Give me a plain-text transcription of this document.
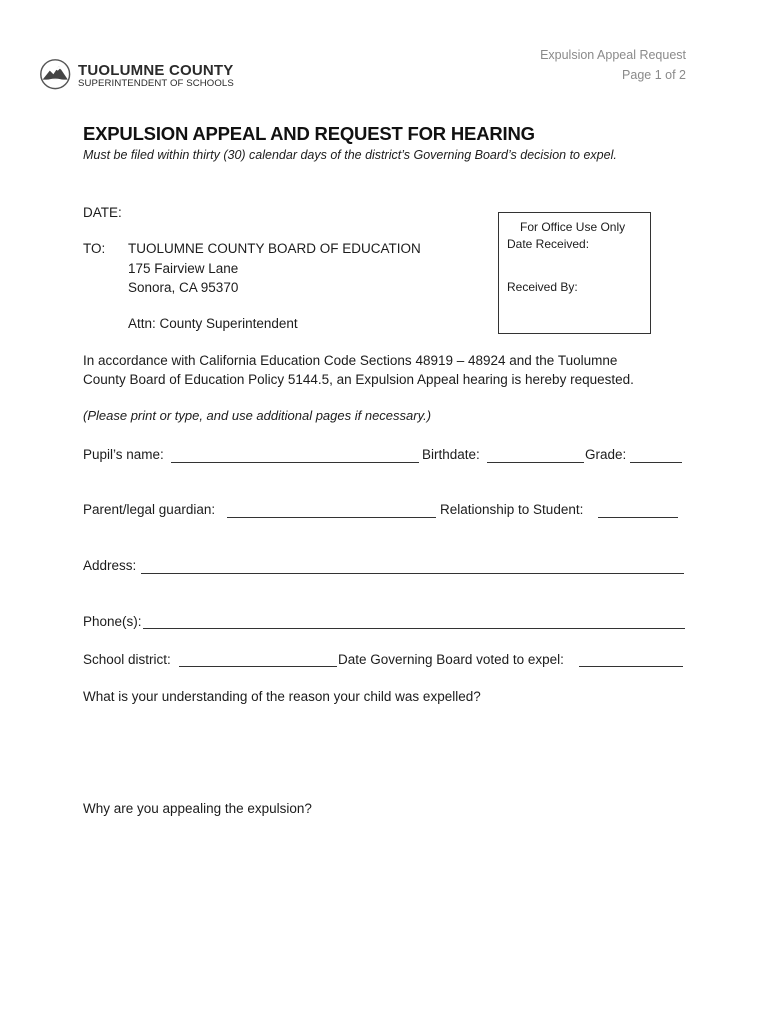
TUOLUMNE COUNTY
SUPERINTENDENT OF SCHOOLS
Expulsion Appeal Request
Page 1 of 2
EXPULSION APPEAL AND REQUEST FOR HEARING
Must be filed within thirty (30) calendar days of the district’s Governing Board’s decision to expel.
DATE:
TO: TUOLUMNE COUNTY BOARD OF EDUCATION
175 Fairview Lane
Sonora, CA 95370
Attn: County Superintendent
For Office Use Only
Date Received:
Received By:
In accordance with California Education Code Sections 48919 – 48924 and the Tuolumne
County Board of Education Policy 5144.5, an Expulsion Appeal hearing is hereby requested.
(Please print or type, and use additional pages if necessary.)
Pupil’s name:	Birthdate:	Grade:
Parent/legal guardian:	Relationship to Student:
Address:
Phone(s):
School district:	Date Governing Board voted to expel:
What is your understanding of the reason your child was expelled?
Why are you appealing the expulsion?
